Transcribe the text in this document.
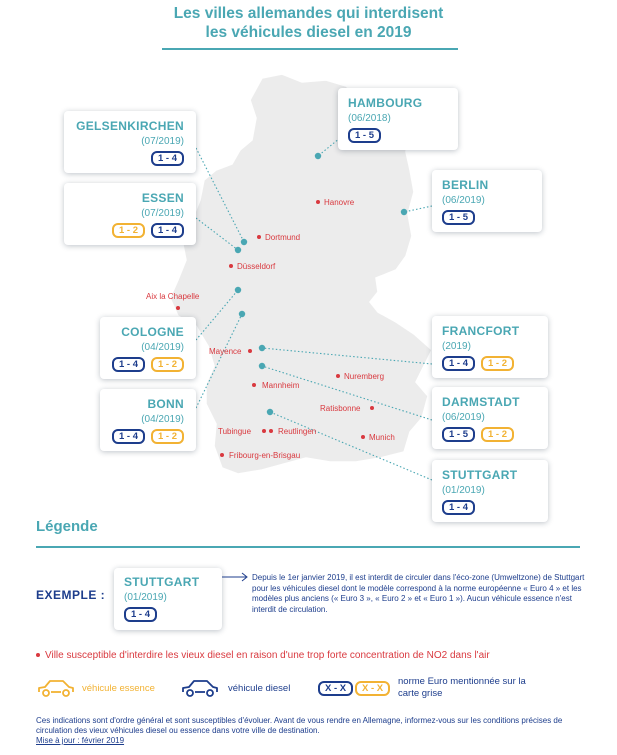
Les villes allemandes qui interdisent
les véhicules diesel en 2019
Hanovre
Dortmund
Düsseldorf
Aix la Chapelle
Mayence
Nuremberg
Mannheim
Ratisbonne
Tubingue	Reutlingen
Munich
Fribourg-en-Brisgau
HAMBOURG
(06/2018)
1 - 5
GELSENKIRCHEN
(07/2019)
1 - 4
ESSEN
(07/2019)
1 - 2	1 - 4
BERLIN
(06/2019)
1 - 5
COLOGNE
(04/2019)
1 - 4	1 - 2
FRANCFORT
(2019)
1 - 4	1 - 2
BONN
(04/2019)
1 - 4	1 - 2
DARMSTADT
(06/2019)
1 - 5	1 - 2
STUTTGART
(01/2019)
1 - 4
Légende
EXEMPLE :
STUTTGART
(01/2019)
1 - 4
Depuis le 1er janvier 2019, il est interdit de circuler dans l'éco-zone (Umweltzone) de Stuttgart pour les véhicules diesel dont le modèle correspond à la norme européenne « Euro 4 » et les modèles plus anciens (« Euro 3 », « Euro 2 » et « Euro 1 »). Aucun véhicule essence n'est interdit de circulation.
Ville susceptible d'interdire les vieux diesel en raison d'une trop forte concentration de NO2 dans l'air
véhicule essence	véhicule diesel	X - X	X - X
norme Euro mentionnée sur la carte grise
Ces indications sont d'ordre général et sont susceptibles d'évoluer. Avant de vous rendre en Allemagne, informez-vous sur les conditions précises de circulation des vieux véhicules diesel ou essence dans votre ville de destination.
Mise à jour : février 2019
